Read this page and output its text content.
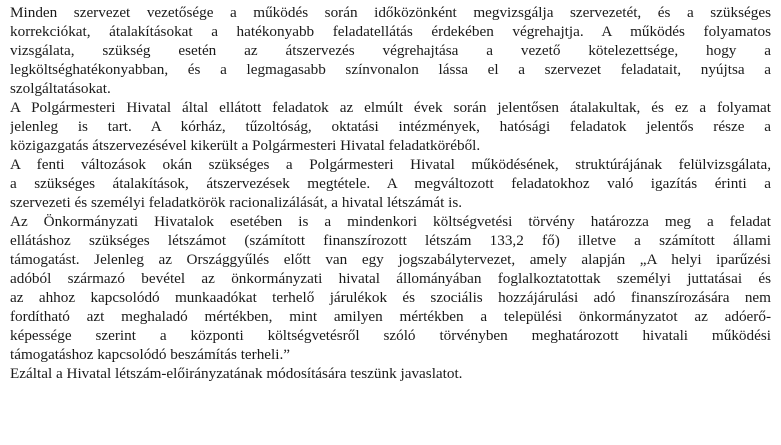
Minden szervezet vezetősége a működés során időközönként megvizsgálja szervezetét, és a szükséges
korrekciókat, átalakításokat a hatékonyabb feladatellátás érdekében végrehajtja. A működés folyamatos
vizsgálata, szükség esetén az átszervezés végrehajtása a vezető kötelezettsége, hogy a
legköltséghatékonyabban, és a legmagasabb színvonalon lássa el a szervezet feladatait, nyújtsa a
szolgáltatásokat.
A Polgármesteri Hivatal által ellátott feladatok az elmúlt évek során jelentősen átalakultak, és ez a folyamat
jelenleg is tart. A kórház, tűzoltóság, oktatási intézmények, hatósági feladatok jelentős része a
közigazgatás átszervezésével kikerült a Polgármesteri Hivatal feladatköréből.
A fenti változások okán szükséges a Polgármesteri Hivatal működésének, struktúrájának felülvizsgálata,
a szükséges átalakítások, átszervezések megtétele. A megváltozott feladatokhoz való igazítás érinti a
szervezeti és személyi feladatkörök racionalizálását, a hivatal létszámát is.
Az Önkormányzati Hivatalok esetében is a mindenkori költségvetési törvény határozza meg a feladat
ellátáshoz szükséges létszámot (számított finanszírozott létszám 133,2 fő) illetve a számított állami
támogatást. Jelenleg az Országgyűlés előtt van egy jogszabálytervezet, amely alapján „A helyi iparűzési
adóból származó bevétel az önkormányzati hivatal állományában foglalkoztatottak személyi juttatásai és
az ahhoz kapcsolódó munkaadókat terhelő járulékok és szociális hozzájárulási adó finanszírozására nem
fordítható azt meghaladó mértékben, mint amilyen mértékben a települési önkormányzatot az adóerő-
képessége szerint a központi költségvetésről szóló törvényben meghatározott hivatali működési
támogatáshoz kapcsolódó beszámítás terheli.”
Ezáltal a Hivatal létszám-előirányzatának módosítására teszünk javaslatot.
